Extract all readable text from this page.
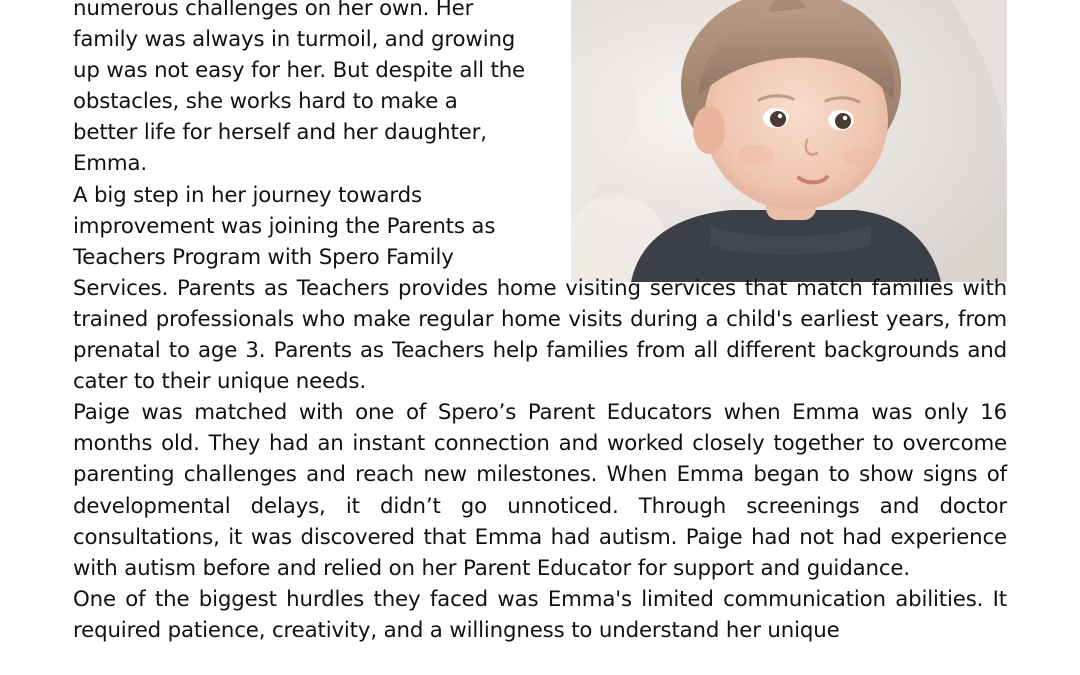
numerous challenges on her own. Her
family was always in turmoil, and growing
up was not easy for her. But despite all the
obstacles, she works hard to make a
better life for herself and her daughter,
Emma.

A big step in her journey towards
improvement was joining the Parents as
Teachers Program with Spero Family
Services. Parents as Teachers provides home visiting services that match families with trained professionals who make regular home visits during a child's earliest years, from prenatal to age 3. Parents as Teachers help families from all different backgrounds and cater to their unique needs.

Paige was matched with one of Spero’s Parent Educators when Emma was only 16 months old. They had an instant connection and worked closely together to overcome parenting challenges and reach new milestones. When Emma began to show signs of developmental delays, it didn’t go unnoticed. Through screenings and doctor consultations, it was discovered that Emma had autism. Paige had not had experience with autism before and relied on her Parent Educator for support and guidance.

One of the biggest hurdles they faced was Emma's limited communication abilities. It required patience, creativity, and a willingness to understand her unique
